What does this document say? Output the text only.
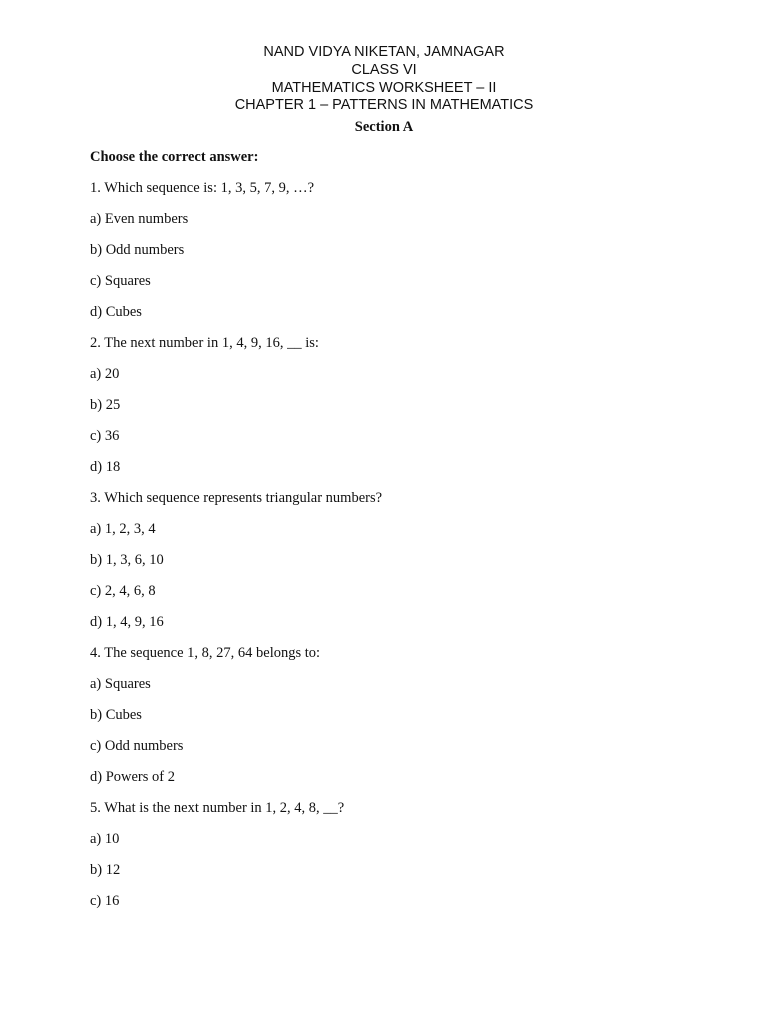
NAND VIDYA NIKETAN, JAMNAGAR
CLASS VI
MATHEMATICS WORKSHEET – II
CHAPTER 1 – PATTERNS IN MATHEMATICS
Section A
Choose the correct answer:
1. Which sequence is: 1, 3, 5, 7, 9, …?
a) Even numbers
b) Odd numbers
c) Squares
d) Cubes
2. The next number in 1, 4, 9, 16, __ is:
a) 20
b) 25
c) 36
d) 18
3. Which sequence represents triangular numbers?
a) 1, 2, 3, 4
b) 1, 3, 6, 10
c) 2, 4, 6, 8
d) 1, 4, 9, 16
4. The sequence 1, 8, 27, 64 belongs to:
a) Squares
b) Cubes
c) Odd numbers
d) Powers of 2
5. What is the next number in 1, 2, 4, 8, __?
a) 10
b) 12
c) 16
